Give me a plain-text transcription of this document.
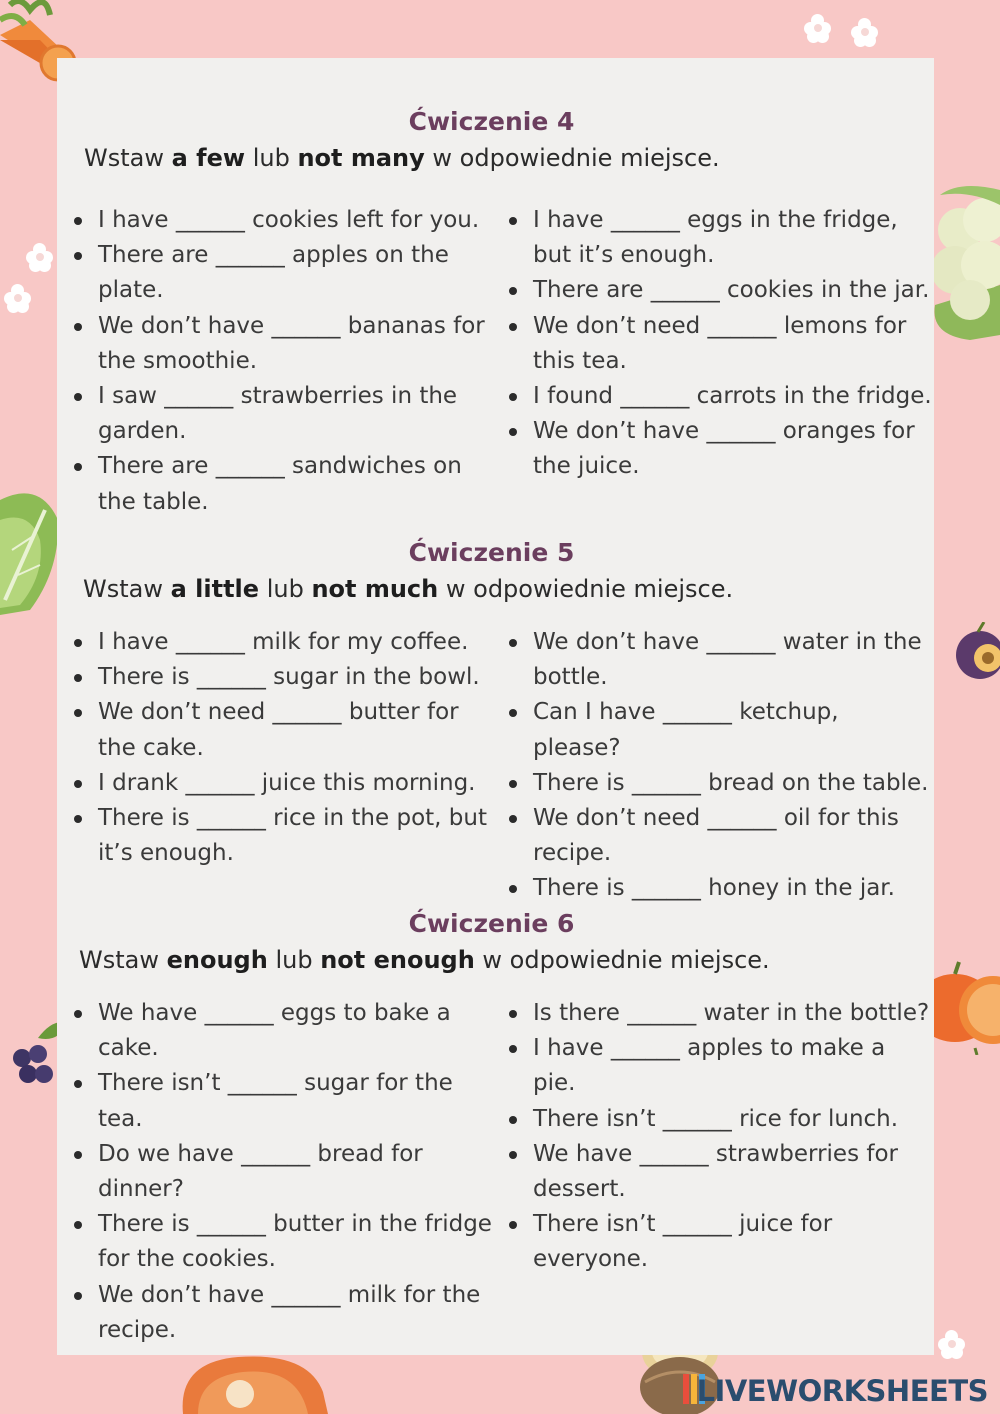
Ćwiczenie 4

Wstaw a few lub not many w odpowiednie miejsce.

I have ______ cookies left for you.
There are ______ apples on the plate.
We don’t have ______ bananas for the smoothie.
I saw ______ strawberries in the garden.
There are ______ sandwiches on the table.
I have ______ eggs in the fridge, but it’s enough.
There are ______ cookies in the jar.
We don’t need ______ lemons for this tea.
I found ______ carrots in the fridge.
We don’t have ______ oranges for the juice.
Ćwiczenie 5

Wstaw a little lub not much w odpowiednie miejsce.

I have ______ milk for my coffee.
There is ______ sugar in the bowl.
We don’t need ______ butter for the cake.
I drank ______ juice this morning.
There is ______ rice in the pot, but it’s enough.
We don’t have ______ water in the bottle.
Can I have ______ ketchup, please?
There is ______ bread on the table.
We don’t need ______ oil for this recipe.
There is ______ honey in the jar.
Ćwiczenie 6

Wstaw enough lub not enough w odpowiednie miejsce.

We have ______ eggs to bake a cake.
There isn’t ______ sugar for the tea.
Do we have ______ bread for dinner?
There is ______ butter in the fridge for the cookies.
We don’t have ______ milk for the recipe.
Is there ______ water in the bottle?
I have ______ apples to make a pie.
There isn’t ______ rice for lunch.
We have ______ strawberries for dessert.
There isn’t ______ juice for everyone.
LIVEWORKSHEETS
